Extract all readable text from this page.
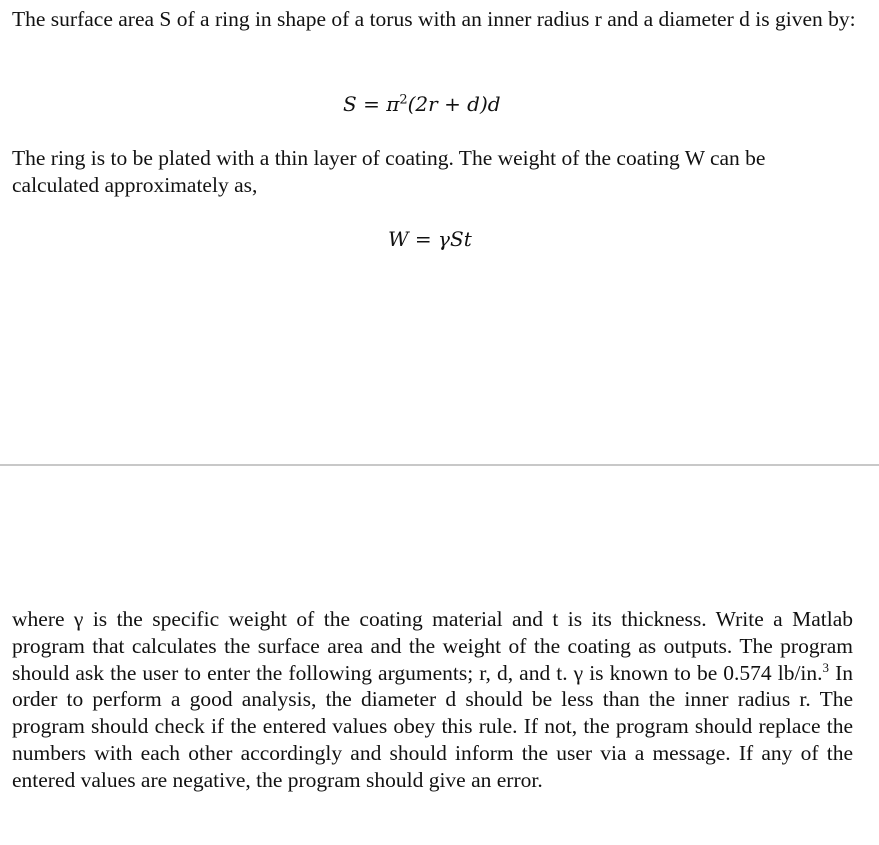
The surface area S of a ring in shape of a torus with an inner radius r and a diameter d is given by:

$S = \pi^2(2r + d)d$

The ring is to be plated with a thin layer of coating. The weight of the coating W can be calculated approximately as,

W = γSt

where γ is the specific weight of the coating material and t is its thickness. Write a Matlab program that calculates the surface area and the weight of the coating as outputs. The program should ask the user to enter the following arguments; r, d, and t. γ is known to be 0.574 lb/in.$^3$ In order to perform a good analysis, the diameter d should be less than the inner radius r. The program should check if the entered values obey this rule. If not, the program should replace the numbers with each other accordingly and should inform the user via a message. If any of the entered values are negative, the program should give an error.
